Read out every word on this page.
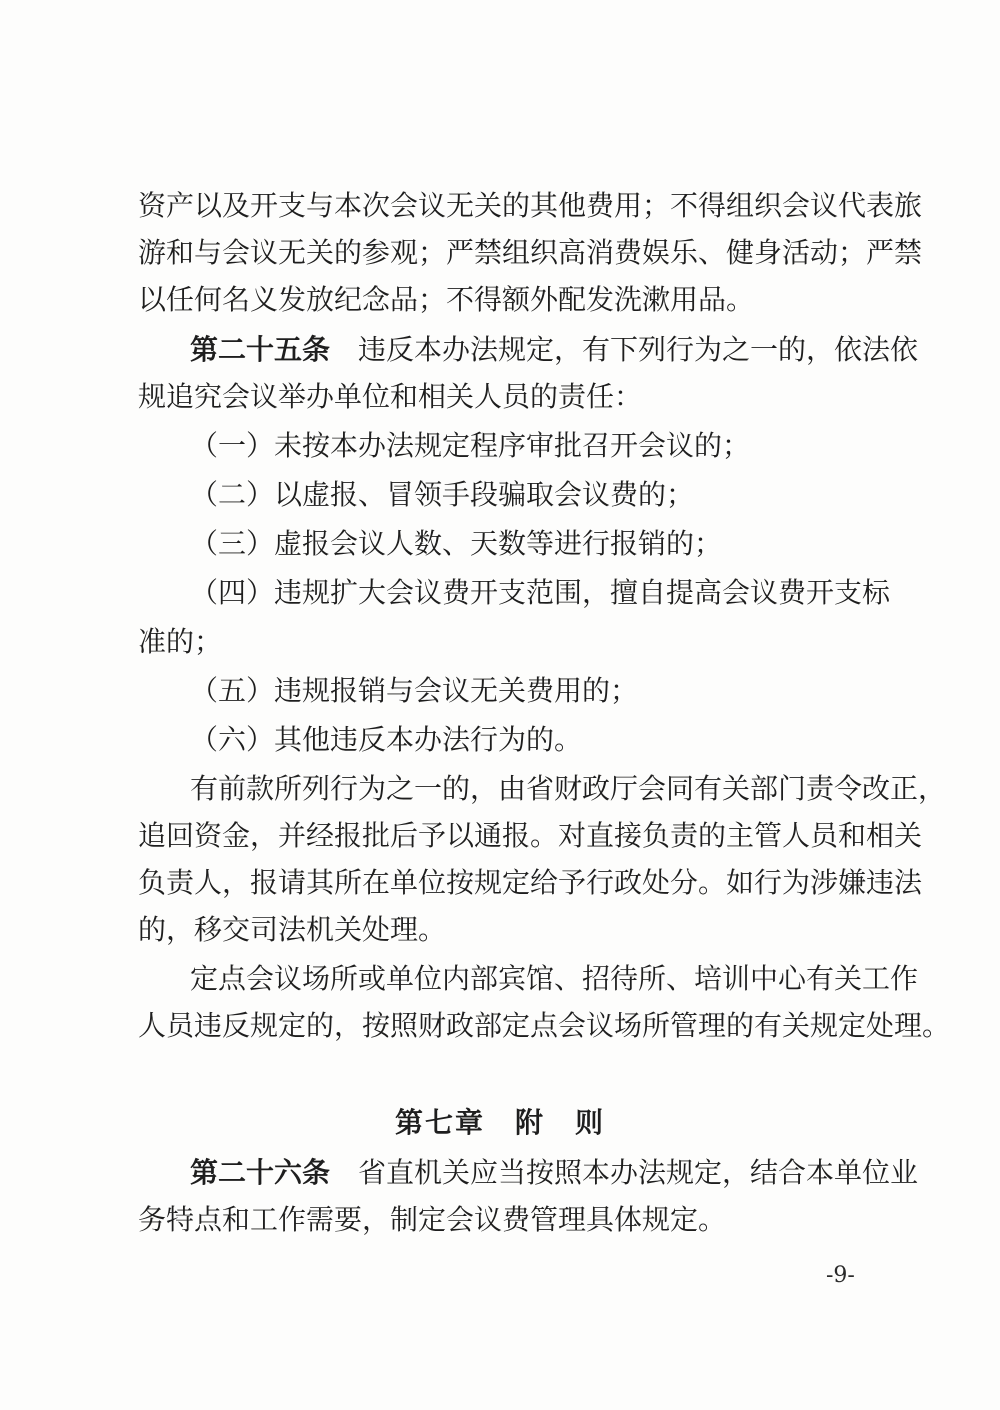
资产以及开支与本次会议无关的其他费用；不得组织会议代表旅
游和与会议无关的参观；严禁组织高消费娱乐、健身活动；严禁
以任何名义发放纪念品；不得额外配发洗漱用品。
第二十五条　 违反本办法规定，有下列行为之一的，依法依
规追究会议举办单位和相关人员的责任：
（一）未按本办法规定程序审批召开会议的；
（二）以虚报、冒领手段骗取会议费的；
（三）虚报会议人数、天数等进行报销的；
（四）违规扩大会议费开支范围，擅自提高会议费开支标
准的；
（五）违规报销与会议无关费用的；
（六）其他违反本办法行为的。
有前款所列行为之一的，由省财政厅会同有关部门责令改正，
追回资金，并经报批后予以通报。对直接负责的主管人员和相关
负责人，报请其所在单位按规定给予行政处分。如行为涉嫌违法
的，移交司法机关处理。
定点会议场所或单位内部宾馆、招待所、培训中心有关工作
人员违反规定的，按照财政部定点会议场所管理的有关规定处理。
第七章 附　则
第二十六条　 省直机关应当按照本办法规定，结合本单位业
务特点和工作需要，制定会议费管理具体规定。
-9-
